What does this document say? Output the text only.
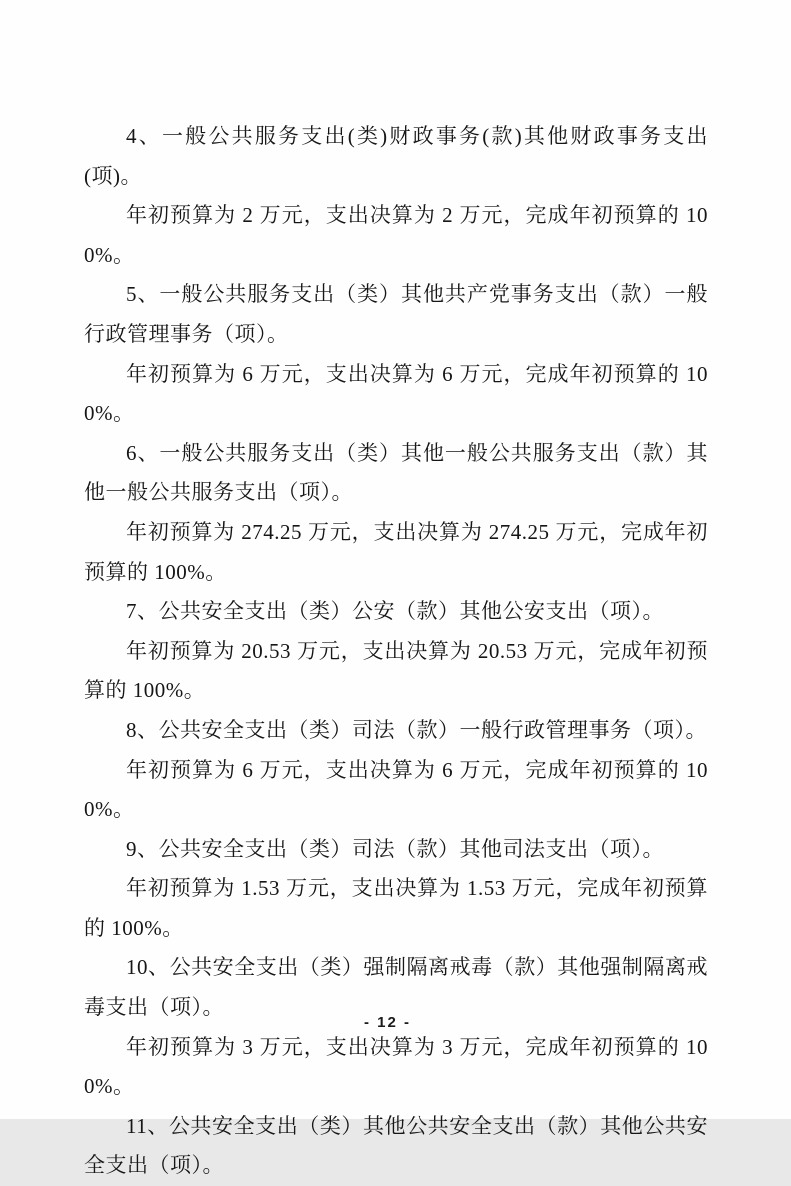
4、一般公共服务支出(类)财政事务(款)其他财政事务支出(项)。

年初预算为 2 万元，支出决算为 2 万元，完成年初预算的 100%。

5、一般公共服务支出（类）其他共产党事务支出（款）一般行政管理事务（项）。

年初预算为 6 万元，支出决算为 6 万元，完成年初预算的 100%。

6、一般公共服务支出（类）其他一般公共服务支出（款）其他一般公共服务支出（项）。

年初预算为 274.25 万元，支出决算为 274.25 万元，完成年初预算的 100%。

7、公共安全支出（类）公安（款）其他公安支出（项）。

年初预算为 20.53 万元，支出决算为 20.53 万元，完成年初预算的 100%。

8、公共安全支出（类）司法（款）一般行政管理事务（项）。

年初预算为 6 万元，支出决算为 6 万元，完成年初预算的 100%。

9、公共安全支出（类）司法（款）其他司法支出（项）。

年初预算为 1.53 万元，支出决算为 1.53 万元，完成年初预算的 100%。

10、公共安全支出（类）强制隔离戒毒（款）其他强制隔离戒毒支出（项）。

年初预算为 3 万元，支出决算为 3 万元，完成年初预算的 100%。

11、公共安全支出（类）其他公共安全支出（款）其他公共安全支出（项）。

- 12 -
